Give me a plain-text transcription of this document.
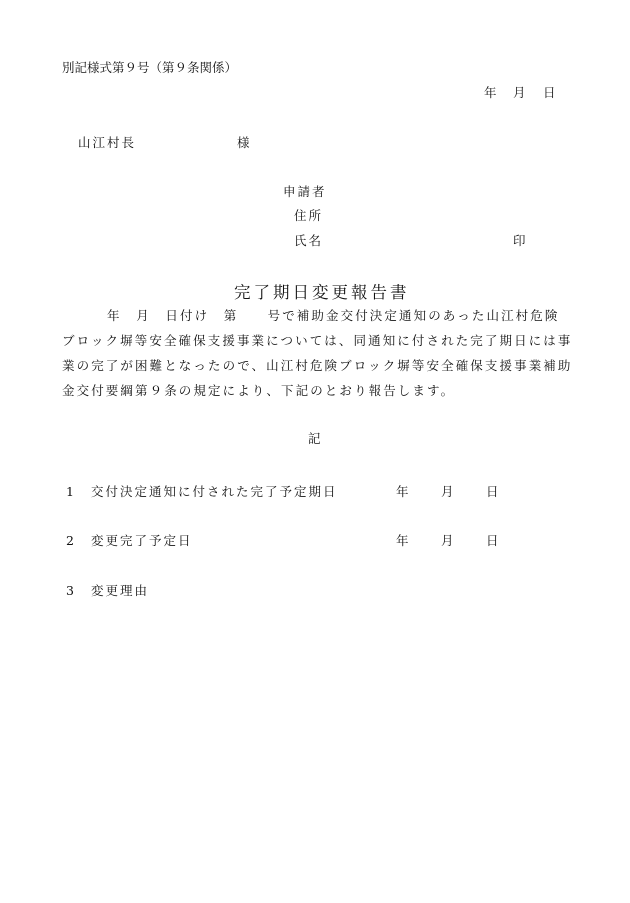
別記様式第９号（第９条関係）
年 月 日
山江村長	様
申請者
住所
氏名	印
完了期日変更報告書
年　月　日付け　第　　号で補助金交付決定通知のあった山江村危険
ブロック塀等安全確保支援事業については、同通知に付された完了期日には事
業の完了が困難となったので、山江村危険ブロック塀等安全確保支援事業補助
金交付要綱第９条の規定により、下記のとおり報告します。
記
1 交付決定通知に付された完了予定期日	年	月	日
2 変更完了予定日	年	月	日
3 変更理由
